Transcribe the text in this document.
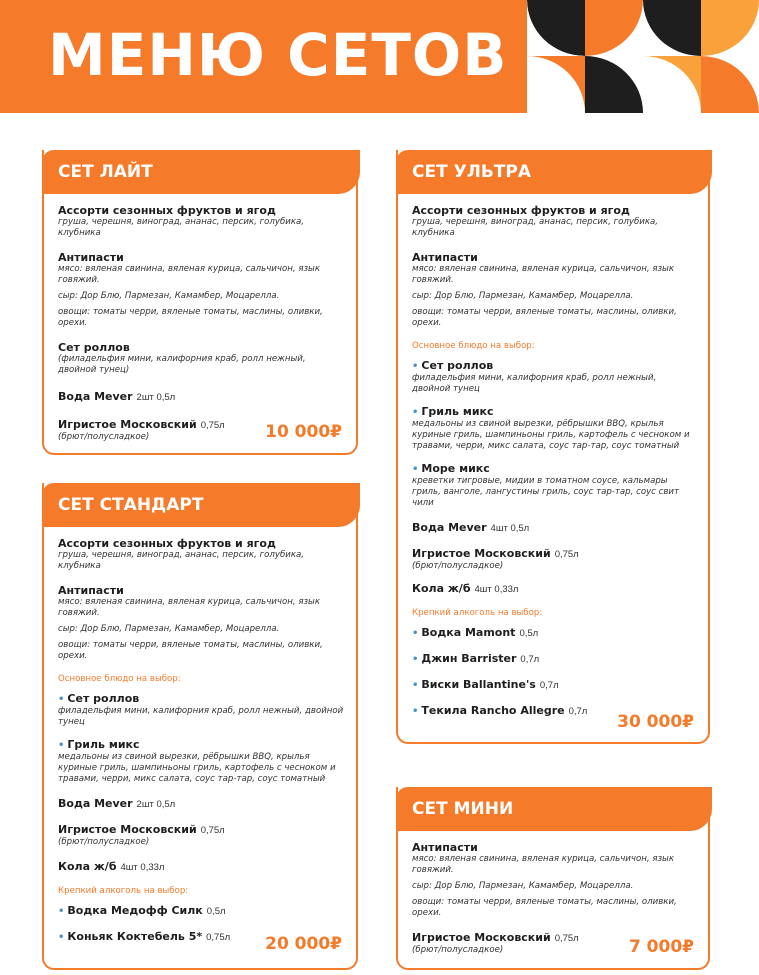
МЕНЮ СЕТОВ
СЕТ ЛАЙТ
Ассорти сезонных фруктов и ягод
груша, черешня, виноград, ананас, персик, голубика, клубника
Антипасти
мясо: вяленая свинина, вяленая курица, сальчичон, язык говяжий.
сыр: Дор Блю, Пармезан, Камамбер, Моцарелла.
овощи: томаты черри, вяленые томаты, маслины, оливки, орехи.
Сет роллов
(филадельфия мини, калифорния краб, ролл нежный, двойной тунец)
Вода Mever 2шт 0,5л
Игристое Московский 0,75л
(брют/полусладкое)	10 000₽
СЕТ СТАНДАРТ
Ассорти сезонных фруктов и ягод
груша, черешня, виноград, ананас, персик, голубика, клубника
Антипасти
мясо: вяленая свинина, вяленая курица, сальчичон, язык говяжий.
сыр: Дор Блю, Пармезан, Камамбер, Моцарелла.
овощи: томаты черри, вяленые томаты, маслины, оливки, орехи.
Основное блюдо на выбор:
• Сет роллов
филадельфия мини, калифорния краб, ролл нежный, двойной тунец
• Гриль микс
медальоны из свиной вырезки, рёбрышки BBQ, крылья куриные гриль, шампиньоны гриль, картофель с чесноком и травами, черри, микс салата, соус тар-тар, соус томатный
Вода Mever 2шт 0,5л
Игристое Московский 0,75л
(брют/полусладкое)
Кола ж/б 4шт 0,33л
Крепкий алкоголь на выбор:
• Водка Медофф Силк 0,5л
• Коньяк Коктебель 5* 0,75л	20 000₽
СЕТ УЛЬТРА
Ассорти сезонных фруктов и ягод
груша, черешня, виноград, ананас, персик, голубика, клубника
Антипасти
мясо: вяленая свинина, вяленая курица, сальчичон, язык говяжий.
сыр: Дор Блю, Пармезан, Камамбер, Моцарелла.
овощи: томаты черри, вяленые томаты, маслины, оливки, орехи.
Основное блюдо на выбор:
• Сет роллов
филадельфия мини, калифорния краб, ролл нежный, двойной тунец
• Гриль микс
медальоны из свиной вырезки, рёбрышки BBQ, крылья куриные гриль, шампиньоны гриль, картофель с чесноком и травами, черри, микс салата, соус тар-тар, соус томатный
• Море микс
креветки тигровые, мидии в томатном соусе, кальмары гриль, ванголе, лангустины гриль, соус тар-тар, соус свит чили
Вода Mever 4шт 0,5л
Игристое Московский 0,75л
(брют/полусладкое)
Кола ж/б 4шт 0,33л
Крепкий алкоголь на выбор:
• Водка Mamont 0,5л
• Джин Barrister 0,7л
• Виски Ballantine's 0,7л
• Текила Rancho Allegre 0,7л
30 000₽
СЕТ МИНИ
Антипасти
мясо: вяленая свинина, вяленая курица, сальчичон, язык говяжий.
сыр: Дор Блю, Пармезан, Камамбер, Моцарелла.
овощи: томаты черри, вяленые томаты, маслины, оливки, орехи.
Игристое Московский 0,75л
(брют/полусладкое)	7 000₽
